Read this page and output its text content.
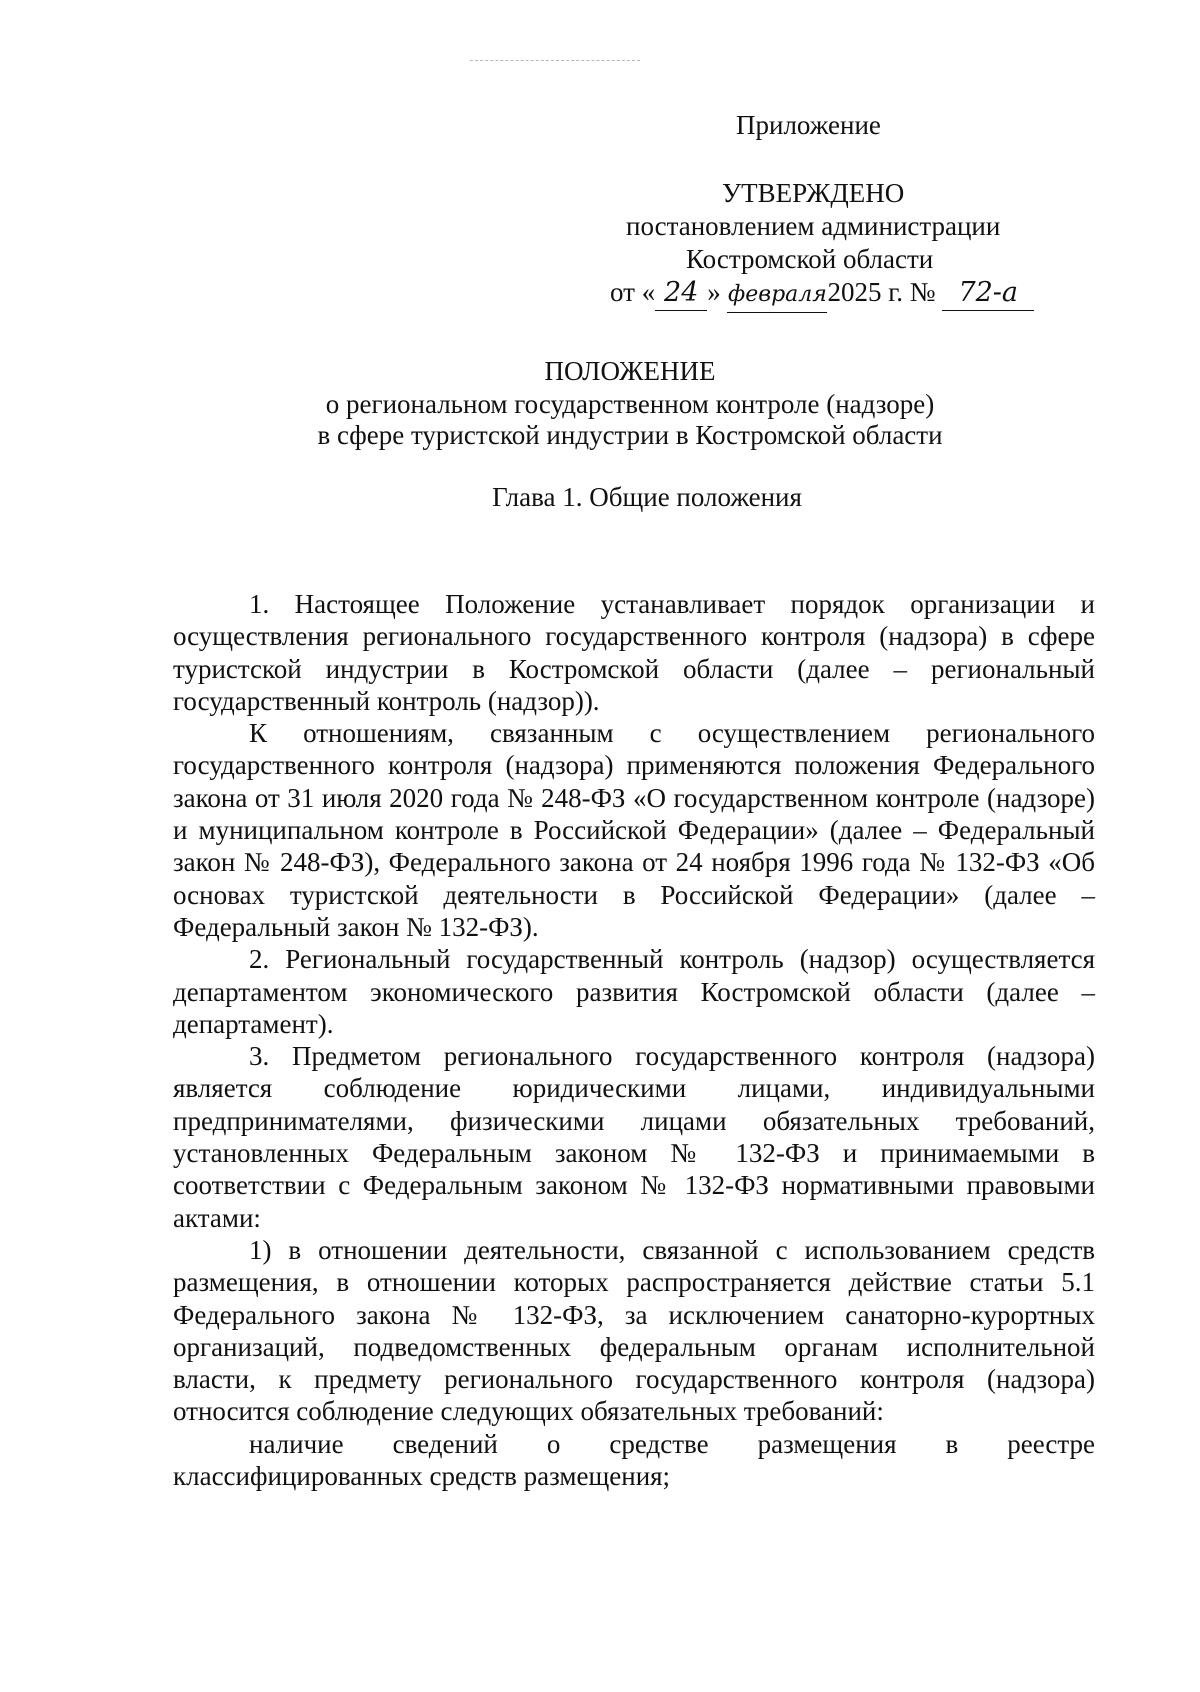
Приложение
УТВЕРЖДЕНО
постановлением администрации
Костромской области
от « 24 » февраля2025 г. № 72-а
ПОЛОЖЕНИЕ
о региональном государственном контроле (надзоре)
в сфере туристской индустрии в Костромской области
Глава 1. Общие положения

1. Настоящее Положение устанавливает порядок организации и осуществления регионального государственного контроля (надзора) в сфере туристской индустрии в Костромской области (далее – региональный государственный контроль (надзор)).

К отношениям, связанным с осуществлением регионального государственного контроля (надзора) применяются положения Федерального закона от 31 июля 2020 года № 248-ФЗ «О государственном контроле (надзоре) и муниципальном контроле в Российской Федерации» (далее – Федеральный закон № 248-ФЗ), Федерального закона от 24 ноября 1996 года № 132-ФЗ «Об основах туристской деятельности в Российской Федерации» (далее – Федеральный закон № 132-ФЗ).

2. Региональный государственный контроль (надзор) осуществляется департаментом экономического развития Костромской области (далее – департамент).

3. Предметом регионального государственного контроля (надзора) является соблюдение юридическими лицами, индивидуальными предпринимателями, физическими лицами обязательных требований, установленных Федеральным законом № 132-ФЗ и принимаемыми в соответствии с Федеральным законом № 132-ФЗ нормативными правовыми актами:

1) в отношении деятельности, связанной с использованием средств размещения, в отношении которых распространяется действие статьи 5.1 Федерального закона № 132-ФЗ, за исключением санаторно-курортных организаций, подведомственных федеральным органам исполнительной власти, к предмету регионального государственного контроля (надзора) относится соблюдение следующих обязательных требований:

наличие сведений о средстве размещения в реестре классифицированных средств размещения;
